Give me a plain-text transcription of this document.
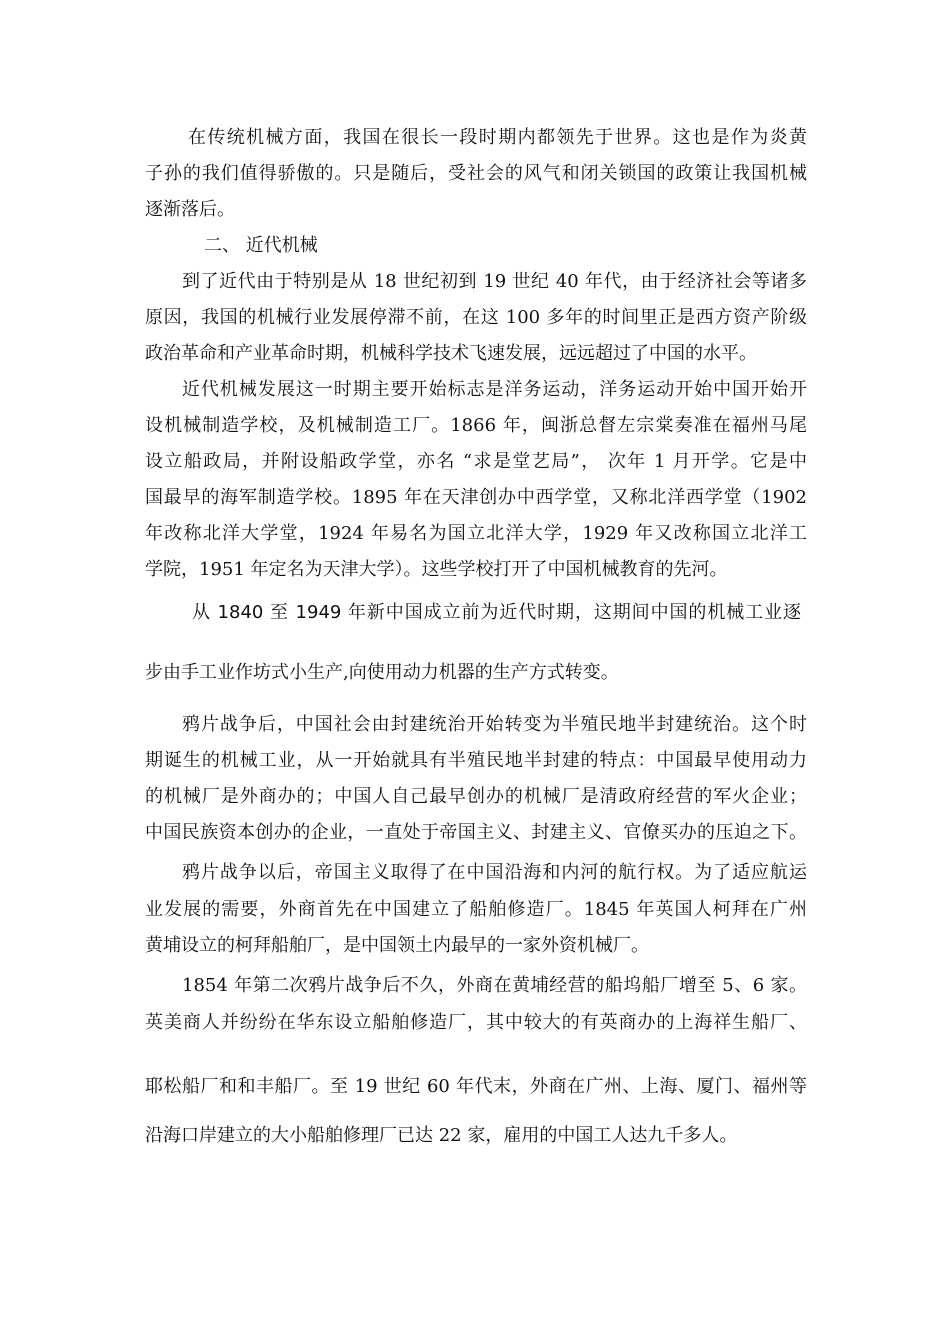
在传统机械方面，我国在很长一段时期内都领先于世界。这也是作为炎黄
子孙的我们值得骄傲的。只是随后，受社会的风气和闭关锁国的政策让我国机械
逐渐落后。
二、 近代机械
到了近代由于特别是从 18 世纪初到 19 世纪 40 年代，由于经济社会等诸多
原因，我国的机械行业发展停滞不前，在这 100 多年的时间里正是西方资产阶级
政治革命和产业革命时期，机械科学技术飞速发展，远远超过了中国的水平。
近代机械发展这一时期主要开始标志是洋务运动，洋务运动开始中国开始开
设机械制造学校，及机械制造工厂。1866 年，闽浙总督左宗棠奏准在福州马尾
设立船政局，并附设船政学堂，亦名 “求是堂艺局”， 次年 1 月开学。它是中
国最早的海军制造学校。1895 年在天津创办中西学堂，又称北洋西学堂（1902
年改称北洋大学堂，1924 年易名为国立北洋大学，1929 年又改称国立北洋工
学院，1951 年定名为天津大学）。这些学校打开了中国机械教育的先河。
从 1840 至 1949 年新中国成立前为近代时期，这期间中国的机械工业逐
步由手工业作坊式小生产,向使用动力机器的生产方式转变。
鸦片战争后，中国社会由封建统治开始转变为半殖民地半封建统治。这个时
期诞生的机械工业，从一开始就具有半殖民地半封建的特点：中国最早使用动力
的机械厂是外商办的；中国人自己最早创办的机械厂是清政府经营的军火企业；
中国民族资本创办的企业，一直处于帝国主义、封建主义、官僚买办的压迫之下。
鸦片战争以后，帝国主义取得了在中国沿海和内河的航行权。为了适应航运
业发展的需要，外商首先在中国建立了船舶修造厂。1845 年英国人柯拜在广州
黄埔设立的柯拜船舶厂，是中国领土内最早的一家外资机械厂。
1854 年第二次鸦片战争后不久，外商在黄埔经营的船坞船厂增至 5、6 家。
英美商人并纷纷在华东设立船舶修造厂，其中较大的有英商办的上海祥生船厂、
耶松船厂和和丰船厂。至 19 世纪 60 年代末，外商在广州、上海、厦门、福州等
沿海口岸建立的大小船舶修理厂已达 22 家，雇用的中国工人达九千多人。
